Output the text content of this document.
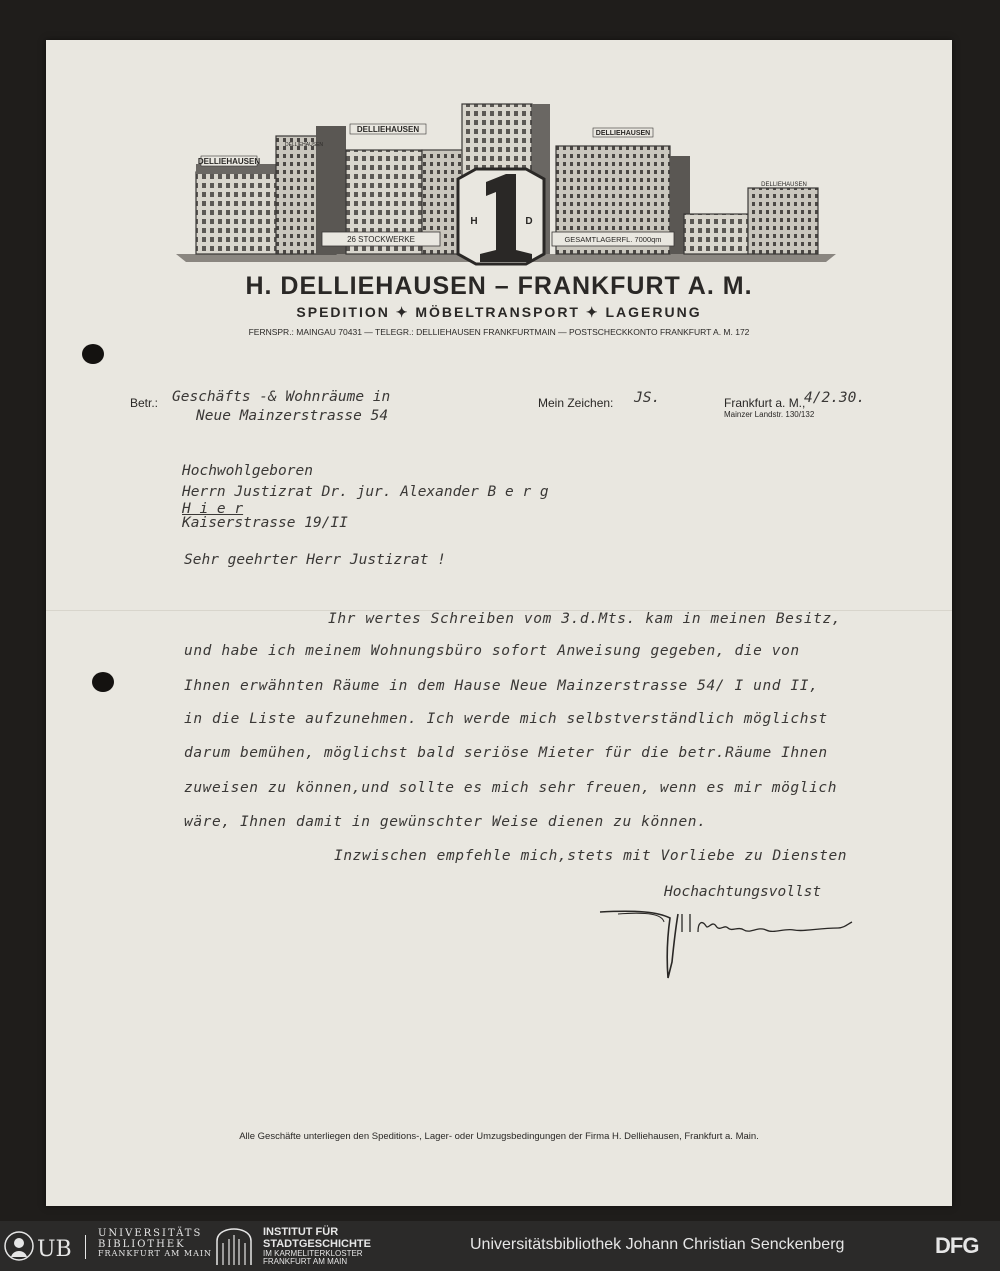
DELLIEHAUSEN
DELLIEHAUSEN
DELLIEHAUSEN	DELLIEHAUSEN
DELLIEHAUSEN
26 STOCKWERKE	GESAMTLAGERFL. 7000qm
H	D
H. DELLIEHAUSEN – FRANKFURT A. M.
SPEDITION ✦ MÖBELTRANSPORT ✦ LAGERUNG
FERNSPR.: MAINGAU 70431 — TELEGR.: DELLIEHAUSEN FRANKFURTMAIN — POSTSCHECKKONTO FRANKFURT A. M. 172
Betr.: Geschäfts -& Wohnräume in
Neue Mainzerstrasse 54
Mein Zeichen: JS.	Frankfurt a. M.,
4/2.30.
Mainzer Landstr. 130/132
Hochwohlgeboren
Herrn Justizrat Dr. jur. Alexander B e r g
H i e r
Kaiserstrasse 19/II
Sehr geehrter Herr Justizrat !
Ihr wertes Schreiben vom 3.d.Mts. kam in meinen Besitz,
und habe ich meinem Wohnungsbüro sofort Anweisung gegeben, die von
Ihnen erwähnten Räume in dem Hause Neue Mainzerstrasse 54/ I und II,
in die Liste aufzunehmen. Ich werde mich selbstverständlich möglichst
darum bemühen, möglichst bald seriöse Mieter für die betr.Räume Ihnen
zuweisen zu können,und sollte es mich sehr freuen, wenn es mir möglich
wäre, Ihnen damit in gewünschter Weise dienen zu können.
Inzwischen empfehle mich,stets mit Vorliebe zu Diensten
Hochachtungsvollst
Alle Geschäfte unterliegen den Speditions-, Lager- oder Umzugsbedingungen der Firma H. Delliehausen, Frankfurt a. Main.
UB
UNIVERSITÄTS
BIBLIOTHEK
FRANKFURT AM MAIN
INSTITUT FÜR
STADTGESCHICHTE
IM KARMELITERKLOSTER
FRANKFURT AM MAIN
Universitätsbibliothek Johann Christian Senckenberg	DFG
